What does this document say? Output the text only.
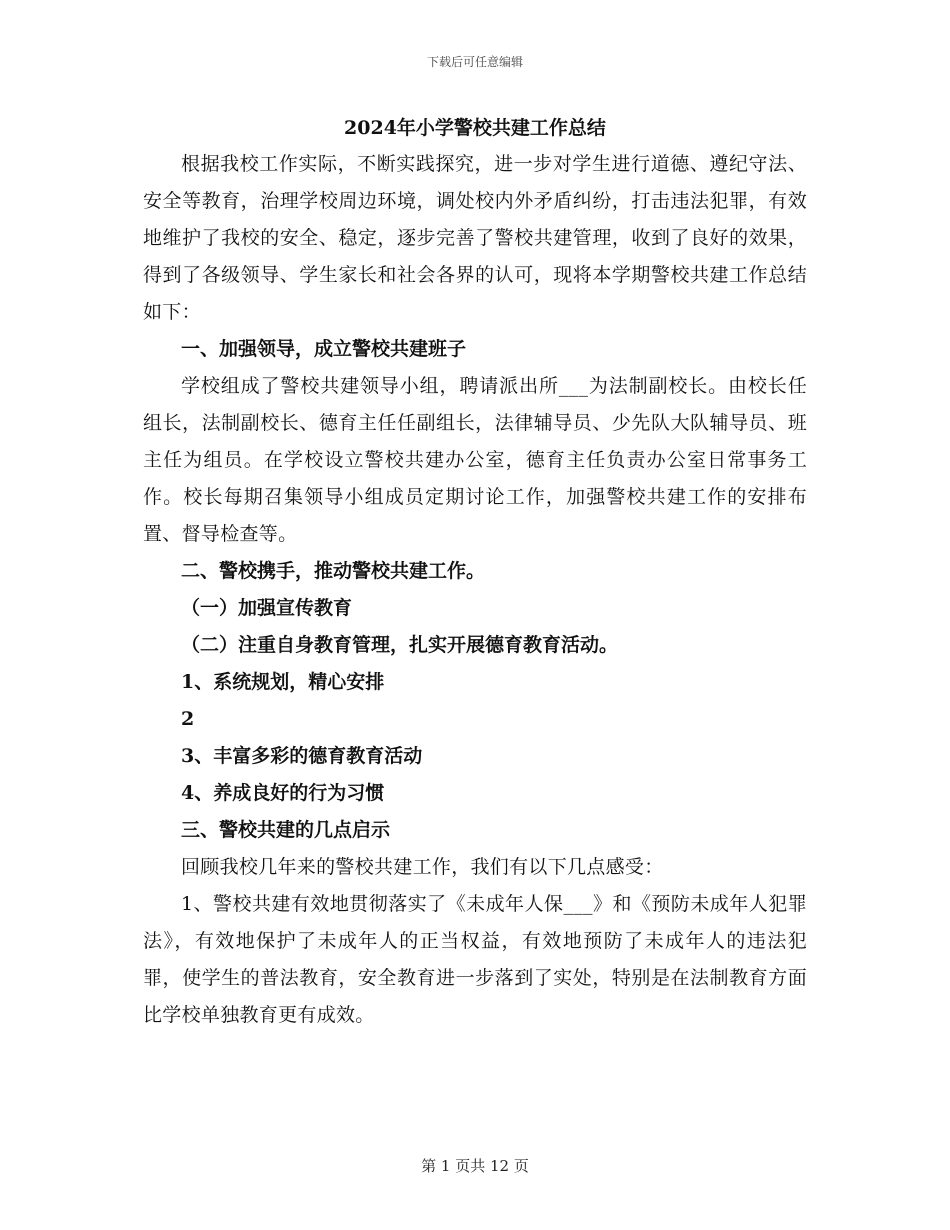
下载后可任意编辑
2024年小学警校共建工作总结

根据我校工作实际，不断实践探究，进一步对学生进行道德、遵纪守法、安全等教育，治理学校周边环境，调处校内外矛盾纠纷，打击违法犯罪，有效地维护了我校的安全、稳定，逐步完善了警校共建管理，收到了良好的效果，得到了各级领导、学生家长和社会各界的认可，现将本学期警校共建工作总结如下：

一、加强领导，成立警校共建班子

学校组成了警校共建领导小组，聘请派出所___为法制副校长。由校长任组长，法制副校长、德育主任任副组长，法律辅导员、少先队大队辅导员、班主任为组员。在学校设立警校共建办公室，德育主任负责办公室日常事务工作。校长每期召集领导小组成员定期讨论工作，加强警校共建工作的安排布置、督导检查等。

二、警校携手，推动警校共建工作。

（一）加强宣传教育

（二）注重自身教育管理，扎实开展德育教育活动。

1、系统规划，精心安排

2

3、丰富多彩的德育教育活动

4、养成良好的行为习惯

三、警校共建的几点启示

回顾我校几年来的警校共建工作，我们有以下几点感受：

1、警校共建有效地贯彻落实了《未成年人保___》和《预防未成年人犯罪法》，有效地保护了未成年人的正当权益，有效地预防了未成年人的违法犯罪，使学生的普法教育，安全教育进一步落到了实处，特别是在法制教育方面比学校单独教育更有成效。

第 1 页共 12 页
